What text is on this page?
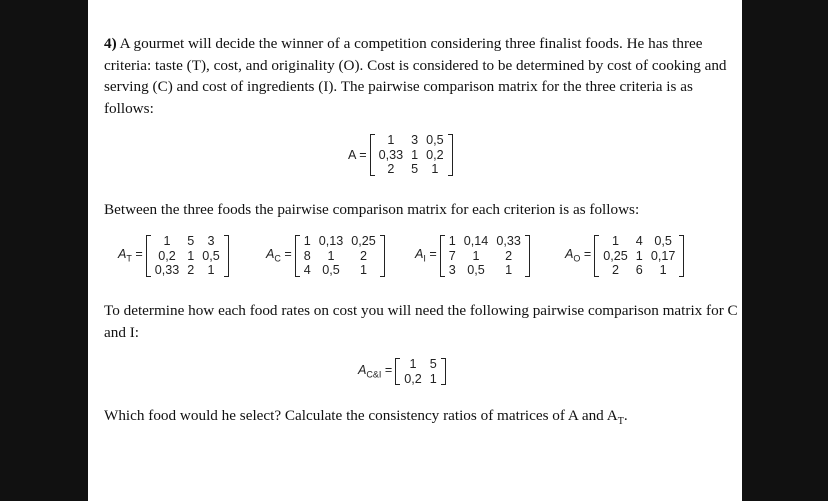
4) A gourmet will decide the winner of a competition considering three finalist foods. He has three criteria: taste (T), cost, and originality (O). Cost is considered to be determined by cost of cooking and serving (C) and cost of ingredients (I). The pairwise comparison matrix for the three criteria is as follows:
A =
1	3	0,5
0,33	1	0,2
2	5	1
Between the three foods the pairwise comparison matrix for each criterion is as follows:
$A_T$ =
1	5	3
0,2	1	0,5
0,33	2	1
$A_C$ =
1	0,13	0,25
8	1	2
4	0,5	1
$A_I$ =
1	0,14	0,33
7	1	2
3	0,5	1
$A_O$ =
1	4	0,5
0,25	1	0,17
2	6	1
To determine how each food rates on cost you will need the following pairwise comparison matrix for C and I:
$A_{C\&I} = 1$	5
0,2	1
Which food would he select? Calculate the consistency ratios of matrices of A and $A_T$.
